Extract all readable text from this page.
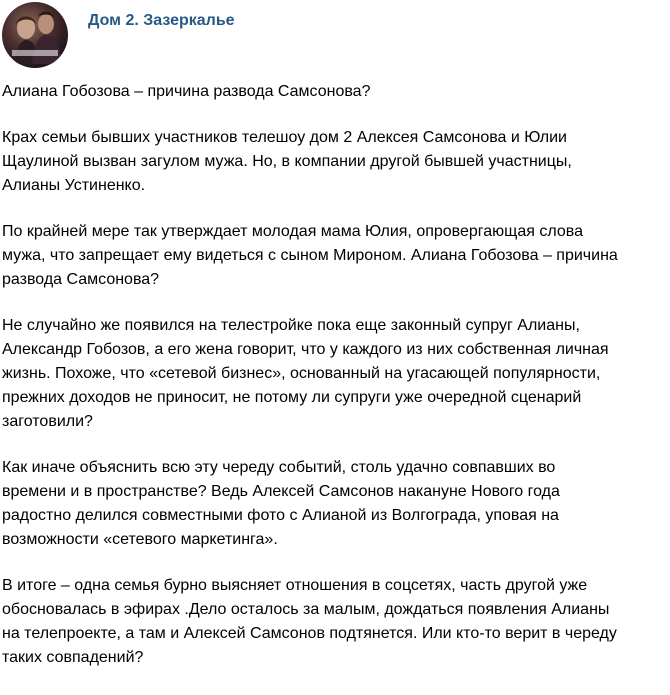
Дом 2. Зазеркалье

Алиана Гобозова – причина развода Самсонова?

Крах семьи бывших участников телешоу дом 2 Алексея Самсонова и Юлии
Щаулиной вызван загулом мужа. Но, в компании другой бывшей участницы,
Алианы Устиненко.

По крайней мере так утверждает молодая мама Юлия, опровергающая слова
мужа, что запрещает ему видеться с сыном Мироном. Алиана Гобозова – причина
развода Самсонова?

Не случайно же появился на телестройке пока еще законный супруг Алианы,
Александр Гобозов, а его жена говорит, что у каждого из них собственная личная
жизнь. Похоже, что «сетевой бизнес», основанный на угасающей популярности,
прежних доходов не приносит, не потому ли супруги уже очередной сценарий
заготовили?

Как иначе объяснить всю эту череду событий, столь удачно совпавших во
времени и в пространстве? Ведь Алексей Самсонов накануне Нового года
радостно делился совместными фото с Алианой из Волгограда, уповая на
возможности «сетевого маркетинга».

В итоге – одна семья бурно выясняет отношения в соцсетях, часть другой уже
обосновалась в эфирах .Дело осталось за малым, дождаться появления Алианы
на телепроекте, а там и Алексей Самсонов подтянется. Или кто-то верит в череду
таких совпадений?
